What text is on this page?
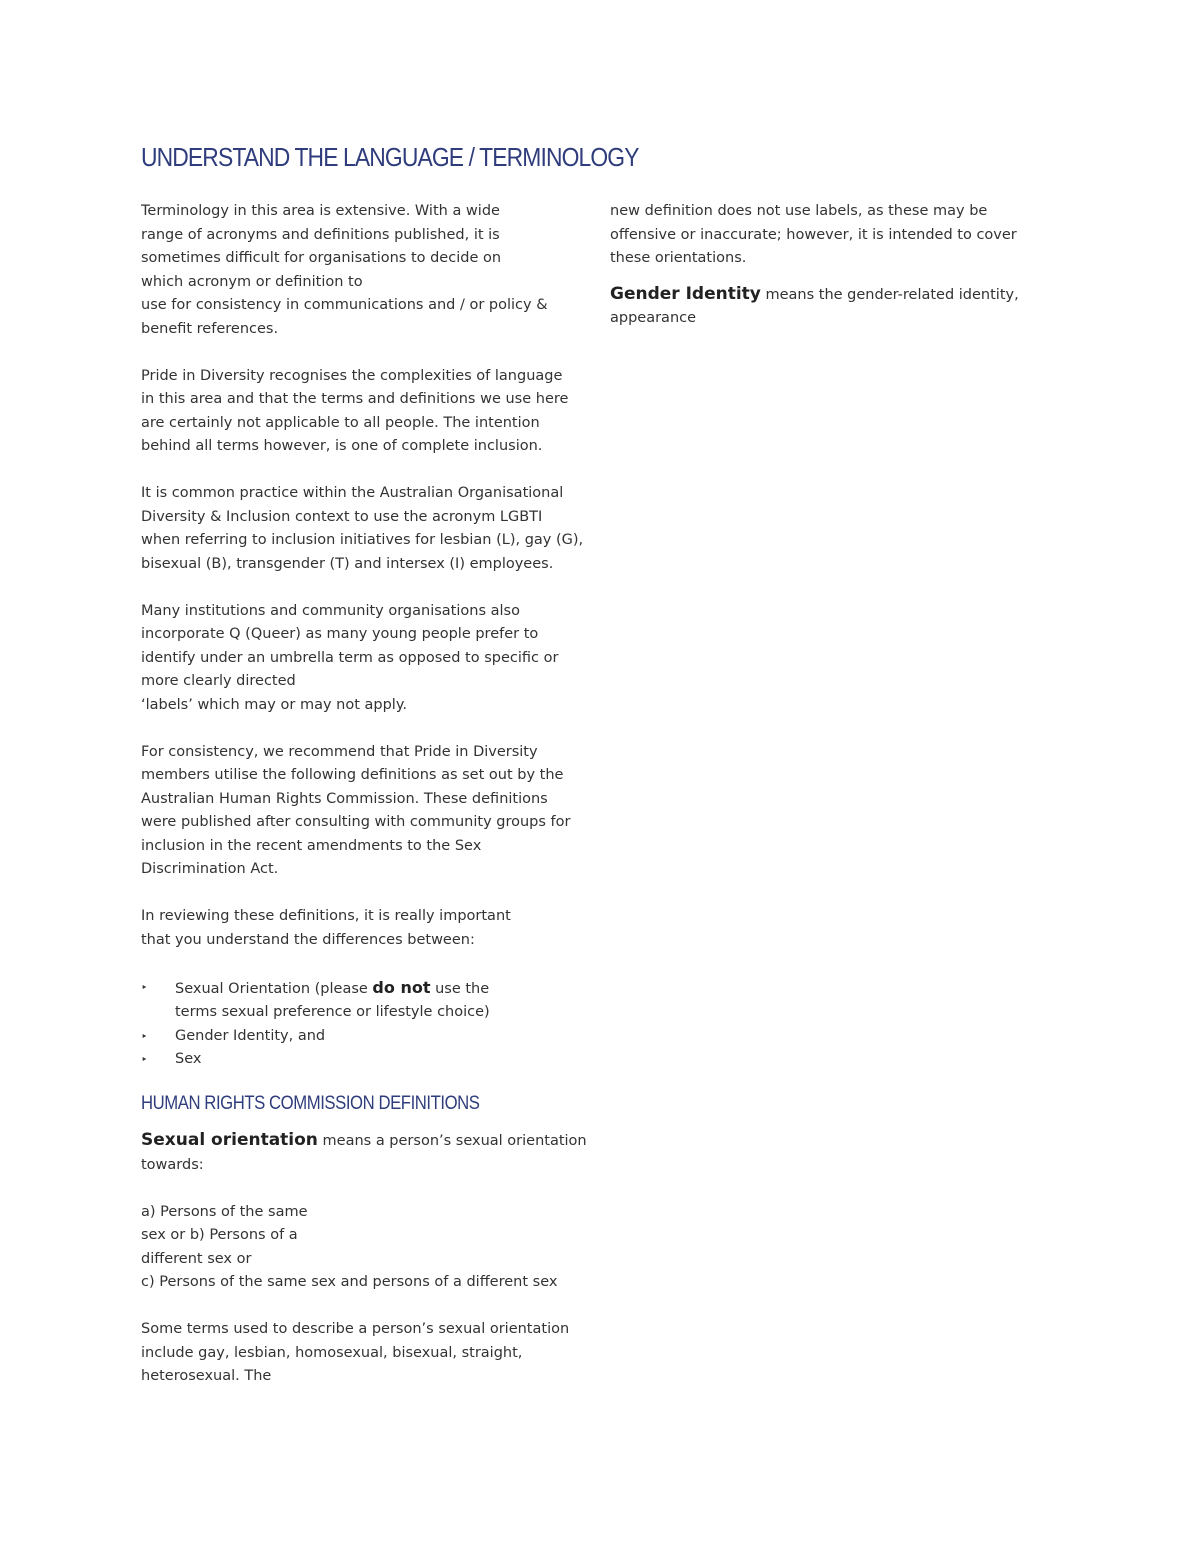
UNDERSTAND THE LANGUAGE / TERMINOLOGY

Terminology in this area is extensive. With a wide
range of acronyms and definitions published, it is
sometimes difficult for organisations to decide on
which acronym or definition to
use for consistency in communications and / or policy &
benefit references.

Pride in Diversity recognises the complexities of language
in this area and that the terms and definitions we use here
are certainly not applicable to all people. The intention
behind all terms however, is one of complete inclusion.

It is common practice within the Australian Organisational
Diversity & Inclusion context to use the acronym LGBTI
when referring to inclusion initiatives for lesbian (L), gay (G),
bisexual (B), transgender (T) and intersex (I) employees.

Many institutions and community organisations also
incorporate Q (Queer) as many young people prefer to
identify under an umbrella term as opposed to specific or
more clearly directed
‘labels’ which may or may not apply.

For consistency, we recommend that Pride in Diversity
members utilise the following definitions as set out by the
Australian Human Rights Commission. These definitions
were published after consulting with community groups for
inclusion in the recent amendments to the Sex
Discrimination Act.

In reviewing these definitions, it is really important
that you understand the differences between:

‣ Sexual Orientation (please do not use the
terms sexual preference or lifestyle choice)
‣ Gender Identity, and
‣ Sex
HUMAN RIGHTS COMMISSION DEFINITIONS

Sexual orientation means a person’s sexual orientation
towards:

a) Persons of the same
sex or b) Persons of a
different sex or
c) Persons of the same sex and persons of a different sex

Some terms used to describe a person’s sexual orientation
include gay, lesbian, homosexual, bisexual, straight,
heterosexual. The

new definition does not use labels, as these may be
offensive or inaccurate; however, it is intended to cover
these orientations.

Gender Identity means the gender-related identity,
appearance
